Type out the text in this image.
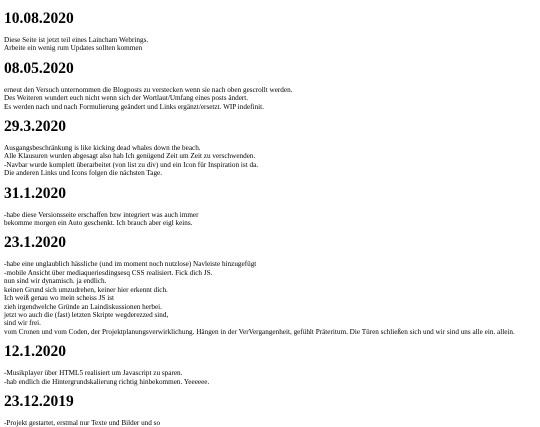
10.08.2020
Diese Seite ist jetzt teil eines Laincham Webrings.
Arbeite ein wenig rum Updates sollten kommen
08.05.2020
erneut den Versuch unternommen die Blogposts zu verstecken wenn sie nach oben gescrollt werden.
Des Weiteren wundert euch nicht wenn sich der Wortlaut/Umfang eines posts ändert.
Es werden nach und nach Formulierung geändert und Links ergänzt/ersetzt. WIP indefinit.
29.3.2020
Ausgangsbeschränkung is like kicking dead whales down the beach.
Alle Klausuren wurden abgesagt also hab Ich genügend Zeit um Zeit zu verschwenden.
-Navbar wurde komplett überarbeitet (von list zu div) und ein Icon für Inspiration ist da.
Die anderen Links und Icons folgen die nächsten Tage.
31.1.2020
-habe diese Versionsseite erschaffen bzw integriert was auch immer
bekomme morgen ein Auto geschenkt. Ich brauch aber eigl keins.
23.1.2020
-habe eine unglaublich hässliche (und im moment noch nutzlose) Navleiste hinzugefügt
-mobile Ansicht über mediaqueriesdingsesq CSS realisiert. Fick dich JS.
nun sind wir dynamisch. ja endlich.
keinen Grund sich umzudrehen, keiner hier erkennt dich.
Ich weiß genau wo mein scheiss JS ist
zieh irgendwelche Gründe an Laindiskussionen herbei.
jetzt wo auch die (fast) letzten Skripte wegderezzed sind,
sind wir frei.
vom Cronen und vom Coden, der Projektplanungsverwirklichung. Hängen in der VerVergangenheit, gefühlt Präteritum. Die Türen schließen sich und wir sind uns alle ein. allein.
12.1.2020
-Musikplayer über HTML5 realisiert um Javascript zu sparen.
-hab endlich die Hintergrundskalierung richtig hinbekommen. Yeeeeee.
23.12.2019
-Projekt gestartet, erstmal nur Texte und Bilder und so
